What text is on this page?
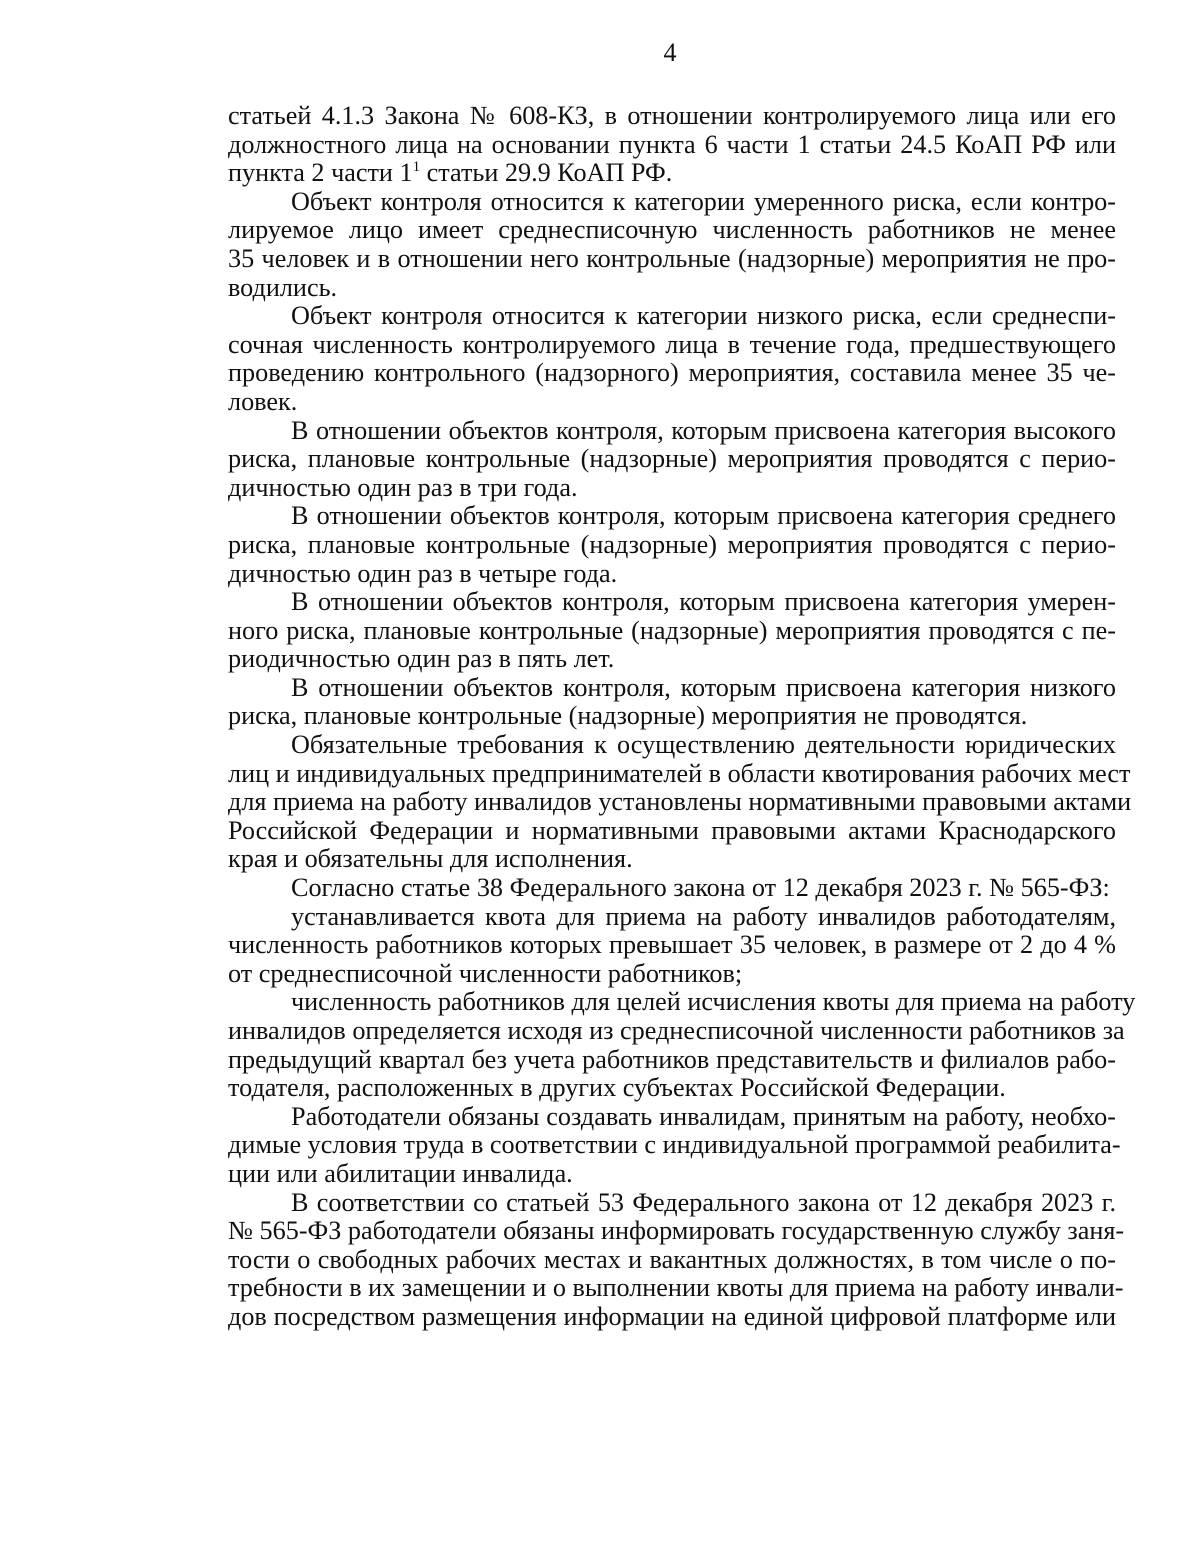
4
статьей 4.1.3 Закона № 608-КЗ, в отношении контролируемого лица или его
должностного лица на основании пункта 6 части 1 статьи 24.5 КоАП РФ или
пункта 2 части $1^1$ статьи 29.9 КоАП РФ.
Объект контроля относится к категории умеренного риска, если контро-
лируемое лицо имеет среднесписочную численность работников не менее
35 человек и в отношении него контрольные (надзорные) мероприятия не про-
водились.
Объект контроля относится к категории низкого риска, если среднеспи-
сочная численность контролируемого лица в течение года, предшествующего
проведению контрольного (надзорного) мероприятия, составила менее 35 че-
ловек.
В отношении объектов контроля, которым присвоена категория высокого
риска, плановые контрольные (надзорные) мероприятия проводятся с перио-
дичностью один раз в три года.
В отношении объектов контроля, которым присвоена категория среднего
риска, плановые контрольные (надзорные) мероприятия проводятся с перио-
дичностью один раз в четыре года.
В отношении объектов контроля, которым присвоена категория умерен-
ного риска, плановые контрольные (надзорные) мероприятия проводятся с пе-
риодичностью один раз в пять лет.
В отношении объектов контроля, которым присвоена категория низкого
риска, плановые контрольные (надзорные) мероприятия не проводятся.
Обязательные требования к осуществлению деятельности юридических
лиц и индивидуальных предпринимателей в области квотирования рабочих мест
для приема на работу инвалидов установлены нормативными правовыми актами
Российской Федерации и нормативными правовыми актами Краснодарского
края и обязательны для исполнения.
Согласно статье 38 Федерального закона от 12 декабря 2023 г. № 565-ФЗ:
устанавливается квота для приема на работу инвалидов работодателям,
численность работников которых превышает 35 человек, в размере от 2 до 4 %
от среднесписочной численности работников;
численность работников для целей исчисления квоты для приема на работу
инвалидов определяется исходя из среднесписочной численности работников за
предыдущий квартал без учета работников представительств и филиалов рабо-
тодателя, расположенных в других субъектах Российской Федерации.
Работодатели обязаны создавать инвалидам, принятым на работу, необхо-
димые условия труда в соответствии с индивидуальной программой реабилита-
ции или абилитации инвалида.
В соответствии со статьей 53 Федерального закона от 12 декабря 2023 г.
№ 565-ФЗ работодатели обязаны информировать государственную службу заня-
тости о свободных рабочих местах и вакантных должностях, в том числе о по-
требности в их замещении и о выполнении квоты для приема на работу инвали-
дов посредством размещения информации на единой цифровой платформе или
